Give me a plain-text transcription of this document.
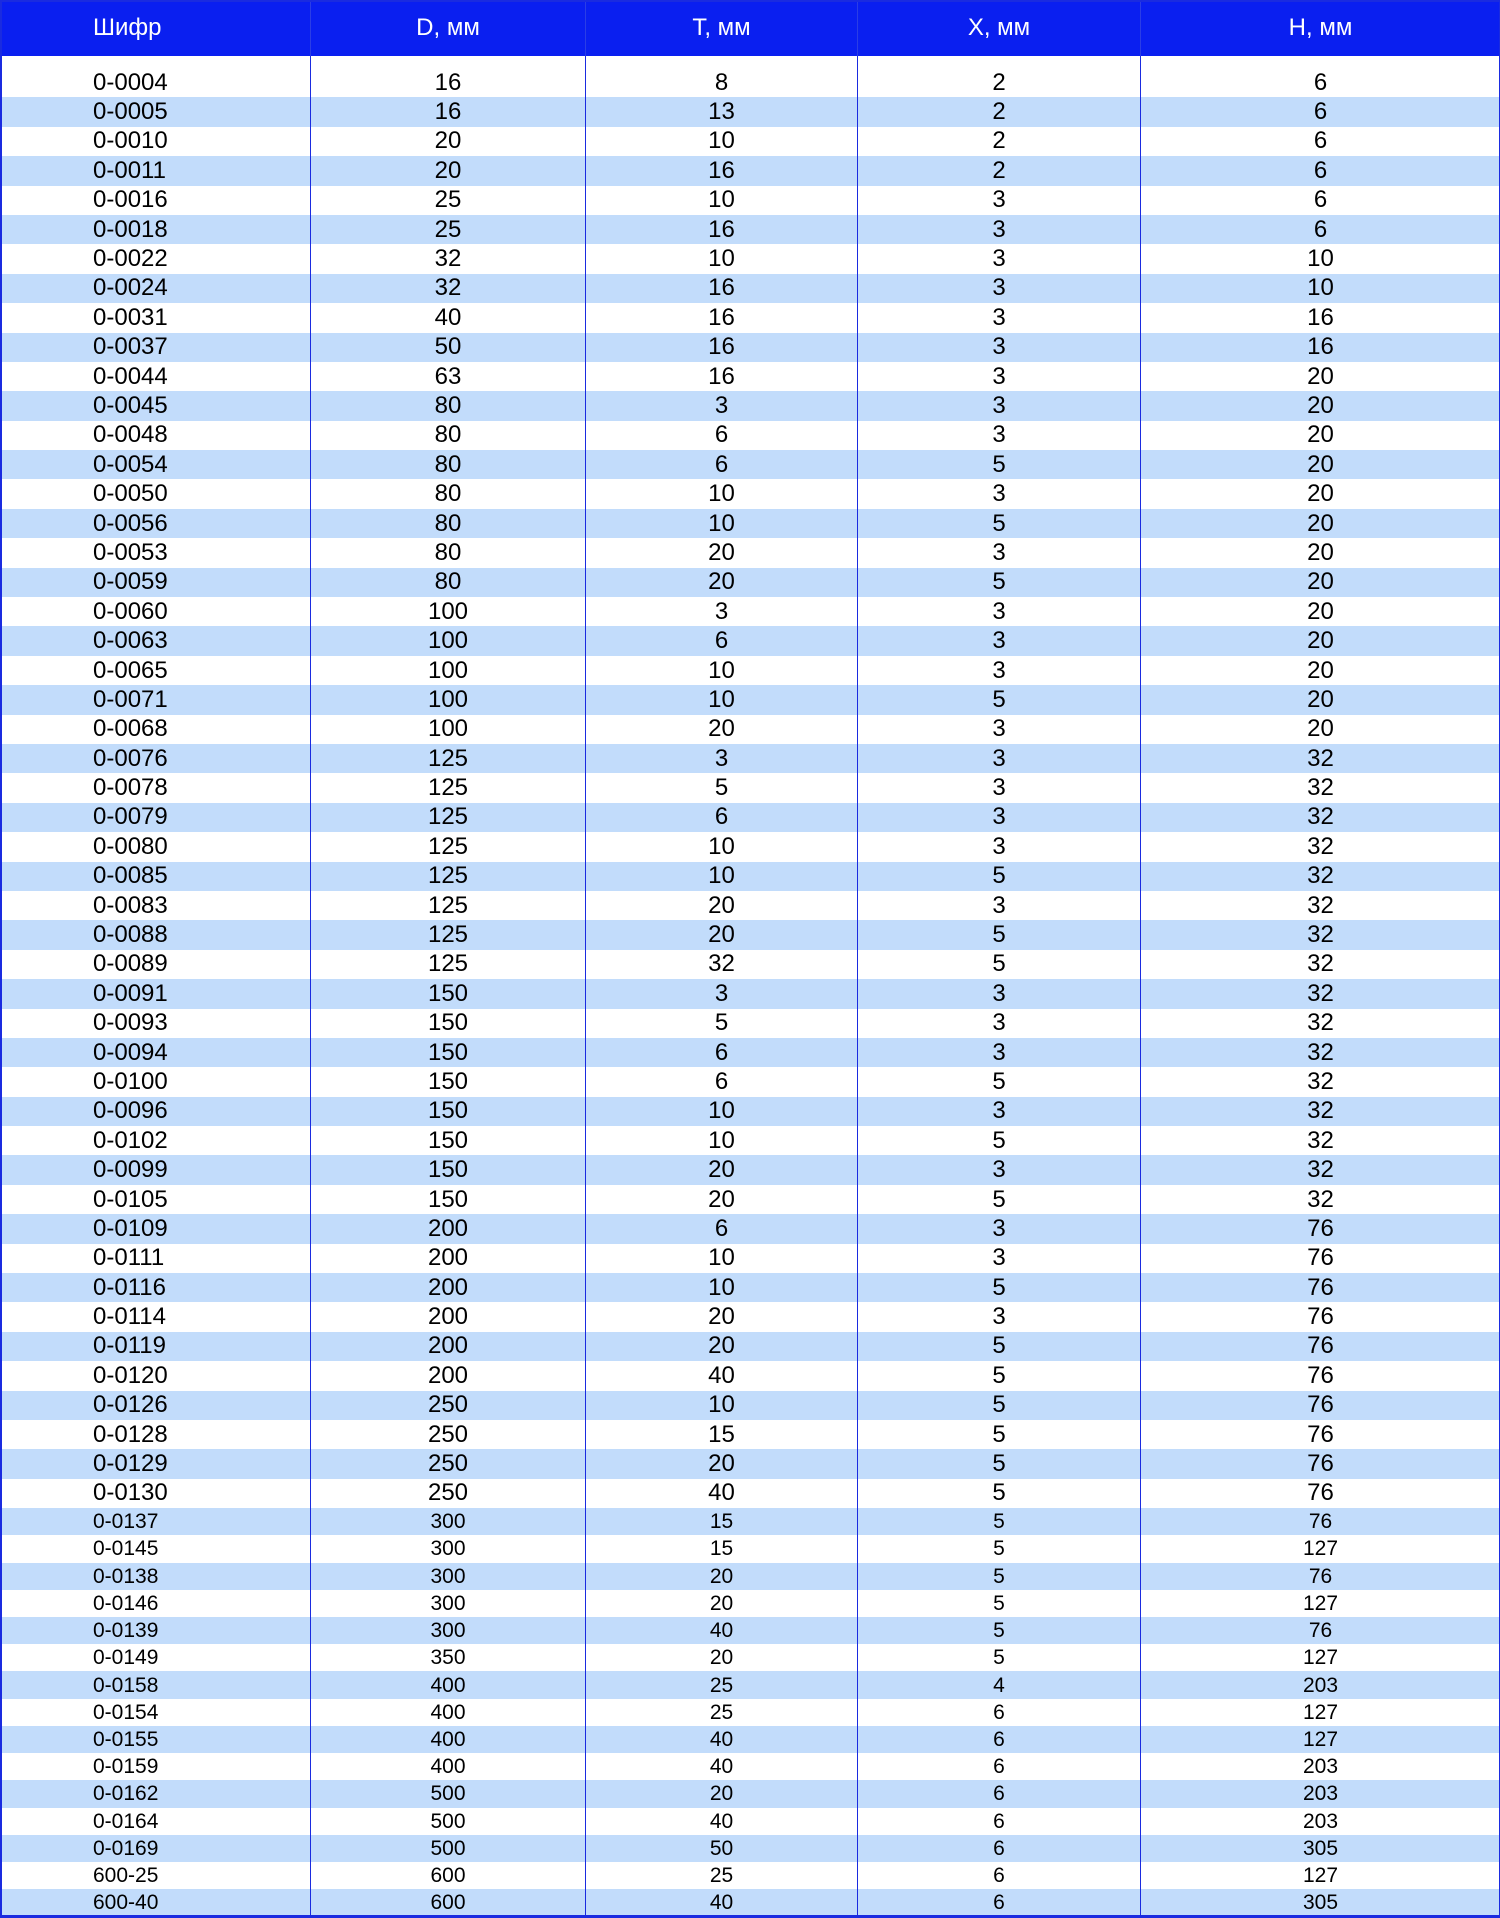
Шифр	D, мм	T, мм	X, мм	H, мм

0-0004	16	8	2	6
0-0005	16	13	2	6
0-0010	20	10	2	6
0-0011	20	16	2	6
0-0016	25	10	3	6
0-0018	25	16	3	6
0-0022	32	10	3	10
0-0024	32	16	3	10
0-0031	40	16	3	16
0-0037	50	16	3	16
0-0044	63	16	3	20
0-0045	80	3	3	20
0-0048	80	6	3	20
0-0054	80	6	5	20
0-0050	80	10	3	20
0-0056	80	10	5	20
0-0053	80	20	3	20
0-0059	80	20	5	20
0-0060	100	3	3	20
0-0063	100	6	3	20
0-0065	100	10	3	20
0-0071	100	10	5	20
0-0068	100	20	3	20
0-0076	125	3	3	32
0-0078	125	5	3	32
0-0079	125	6	3	32
0-0080	125	10	3	32
0-0085	125	10	5	32
0-0083	125	20	3	32
0-0088	125	20	5	32
0-0089	125	32	5	32
0-0091	150	3	3	32
0-0093	150	5	3	32
0-0094	150	6	3	32
0-0100	150	6	5	32
0-0096	150	10	3	32
0-0102	150	10	5	32
0-0099	150	20	3	32
0-0105	150	20	5	32
0-0109	200	6	3	76
0-0111	200	10	3	76
0-0116	200	10	5	76
0-0114	200	20	3	76
0-0119	200	20	5	76
0-0120	200	40	5	76
0-0126	250	10	5	76
0-0128	250	15	5	76
0-0129	250	20	5	76
0-0130	250	40	5	76
0-0137	300	15	5	76
0-0145	300	15	5	127
0-0138	300	20	5	76
0-0146	300	20	5	127
0-0139	300	40	5	76
0-0149	350	20	5	127
0-0158	400	25	4	203
0-0154	400	25	6	127
0-0155	400	40	6	127
0-0159	400	40	6	203
0-0162	500	20	6	203
0-0164	500	40	6	203
0-0169	500	50	6	305
600-25	600	25	6	127
600-40	600	40	6	305
